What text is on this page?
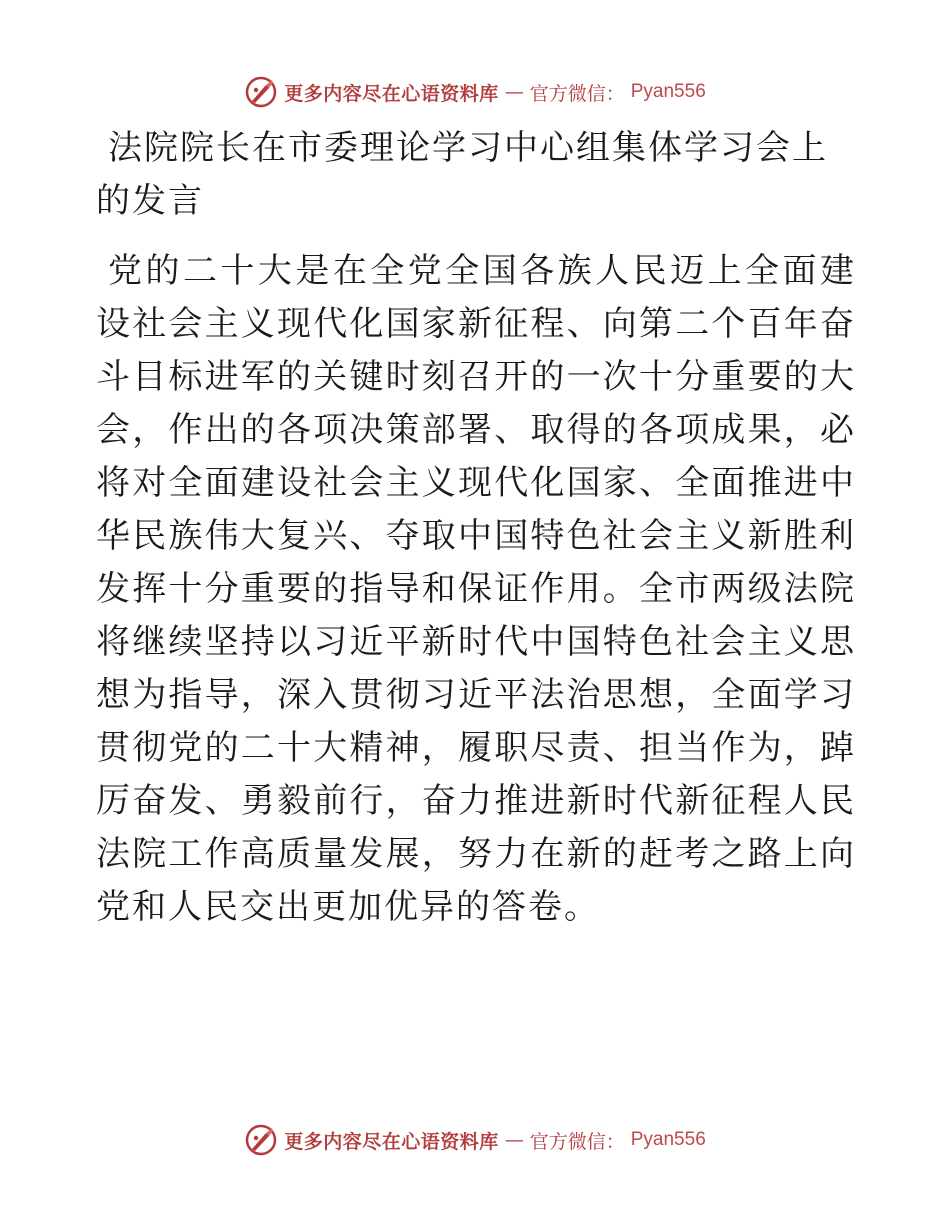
更多内容尽在心语资料库 — 官方微信： Pyan556
法院院长在市委理论学习中心组集体学习会上的发言

党的二十大是在全党全国各族人民迈上全面建设社会主义现代化国家新征程、向第二个百年奋斗目标进军的关键时刻召开的一次十分重要的大会，作出的各项决策部署、取得的各项成果，必将对全面建设社会主义现代化国家、全面推进中华民族伟大复兴、夺取中国特色社会主义新胜利发挥十分重要的指导和保证作用。全市两级法院将继续坚持以习近平新时代中国特色社会主义思想为指导，深入贯彻习近平法治思想，全面学习贯彻党的二十大精神，履职尽责、担当作为，踔厉奋发、勇毅前行，奋力推进新时代新征程人民法院工作高质量发展，努力在新的赶考之路上向党和人民交出更加优异的答卷。

更多内容尽在心语资料库 — 官方微信： Pyan556
